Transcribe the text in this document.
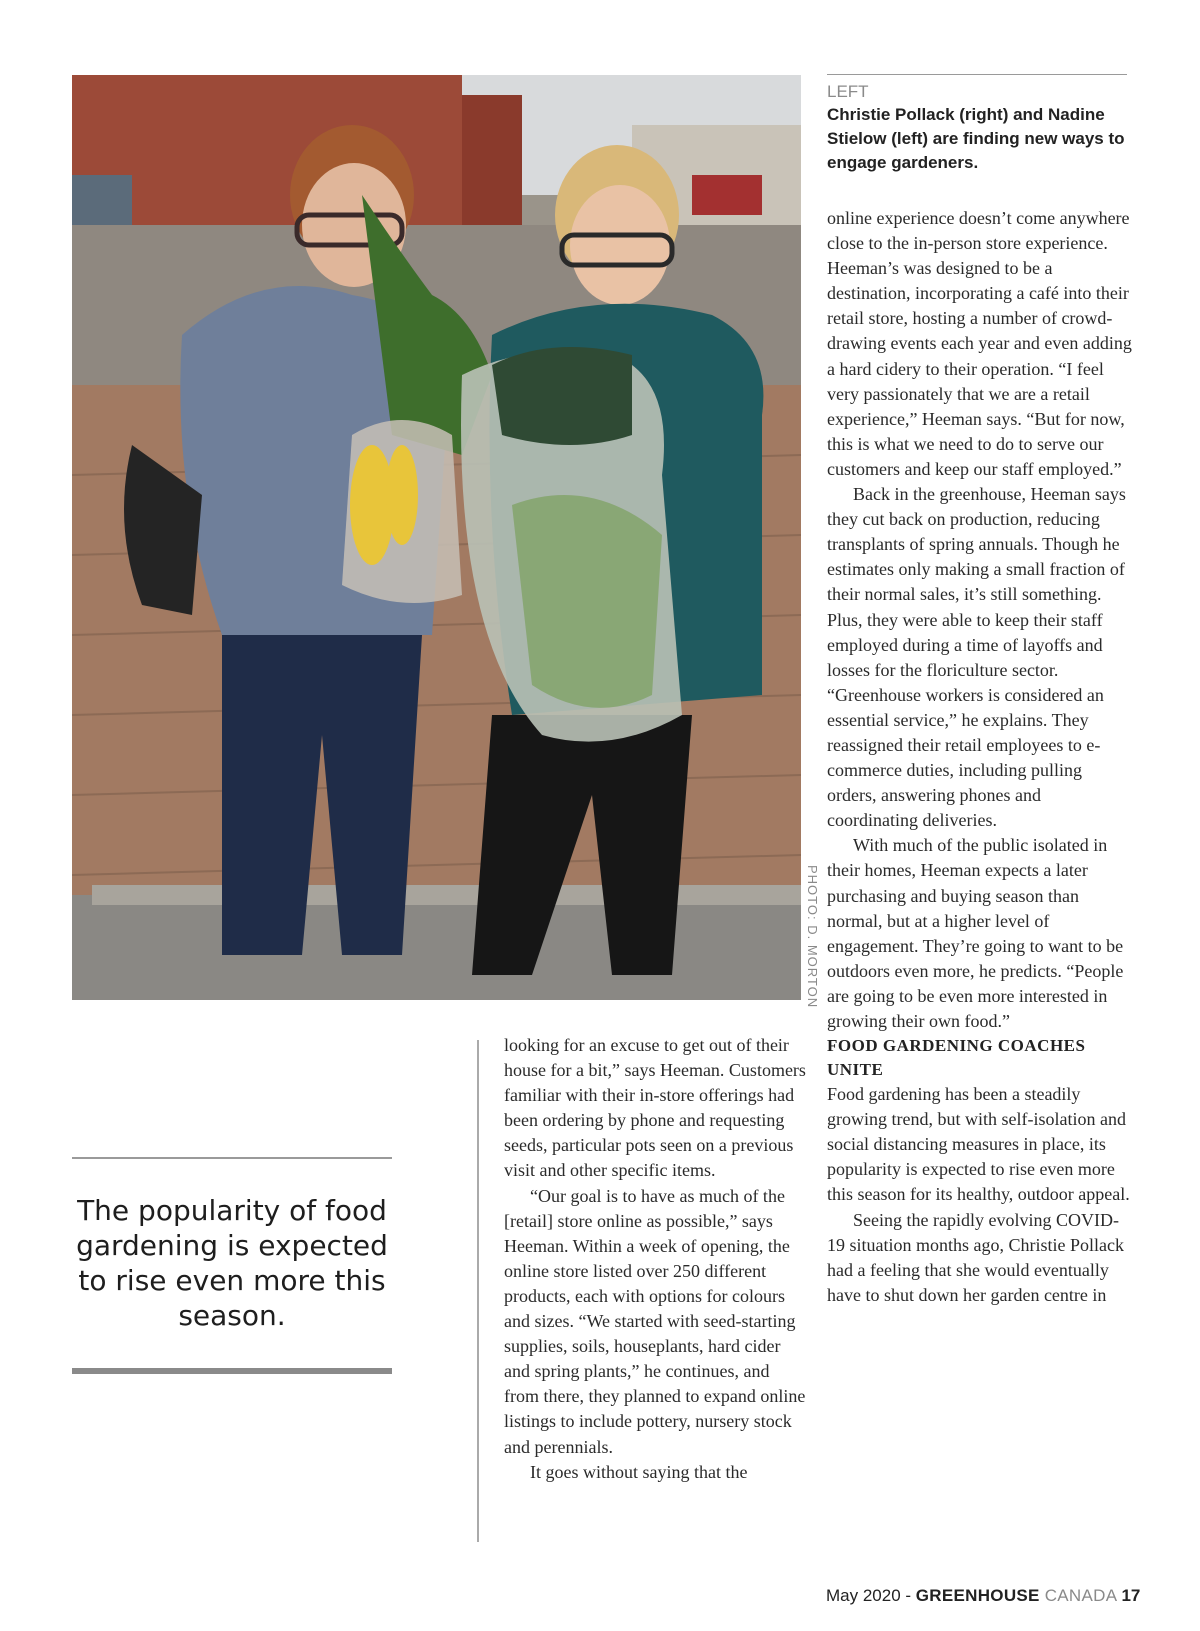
PHOTO: D. MORTON
LEFT
Christie Pollack (right) and Nadine Stielow (left) are finding new ways to engage gardeners.

online experience doesn’t come anywhere close to the in-person store experience. Heeman’s was designed to be a destination, incorporating a café into their retail store, hosting a number of crowd-drawing events each year and even adding a hard cidery to their operation. “I feel very passionately that we are a retail experience,” Heeman says. “But for now, this is what we need to do to serve our customers and keep our staff employed.”

Back in the greenhouse, Heeman says they cut back on production, reducing transplants of spring annuals. Though he estimates only making a small fraction of their normal sales, it’s still something. Plus, they were able to keep their staff employed during a time of layoffs and losses for the floriculture sector. “Greenhouse workers is considered an essential service,” he explains. They reassigned their retail employees to e-commerce duties, including pulling orders, answering phones and coordinating deliveries.

With much of the public isolated in their homes, Heeman expects a later purchasing and buying season than normal, but at a higher level of engagement. They’re going to want to be outdoors even more, he predicts. “People are going to be even more interested in growing their own food.”

FOOD GARDENING COACHES UNITE

Food gardening has been a steadily growing trend, but with self-isolation and social distancing measures in place, its popularity is expected to rise even more this season for its healthy, outdoor appeal.

Seeing the rapidly evolving COVID-19 situation months ago, Christie Pollack had a feeling that she would eventually have to shut down her garden centre in

looking for an excuse to get out of their house for a bit,” says Heeman. Customers familiar with their in-store offerings had been ordering by phone and requesting seeds, particular pots seen on a previous visit and other specific items.

“Our goal is to have as much of the [retail] store online as possible,” says Heeman. Within a week of opening, the online store listed over 250 different products, each with options for colours and sizes. “We started with seed-starting supplies, soils, houseplants, hard cider and spring plants,” he continues, and from there, they planned to expand online listings to include pottery, nursery stock and perennials.

It goes without saying that the

The popularity of food gardening is expected to rise even more this season.
May 2020 - GREENHOUSE CANADA 17
